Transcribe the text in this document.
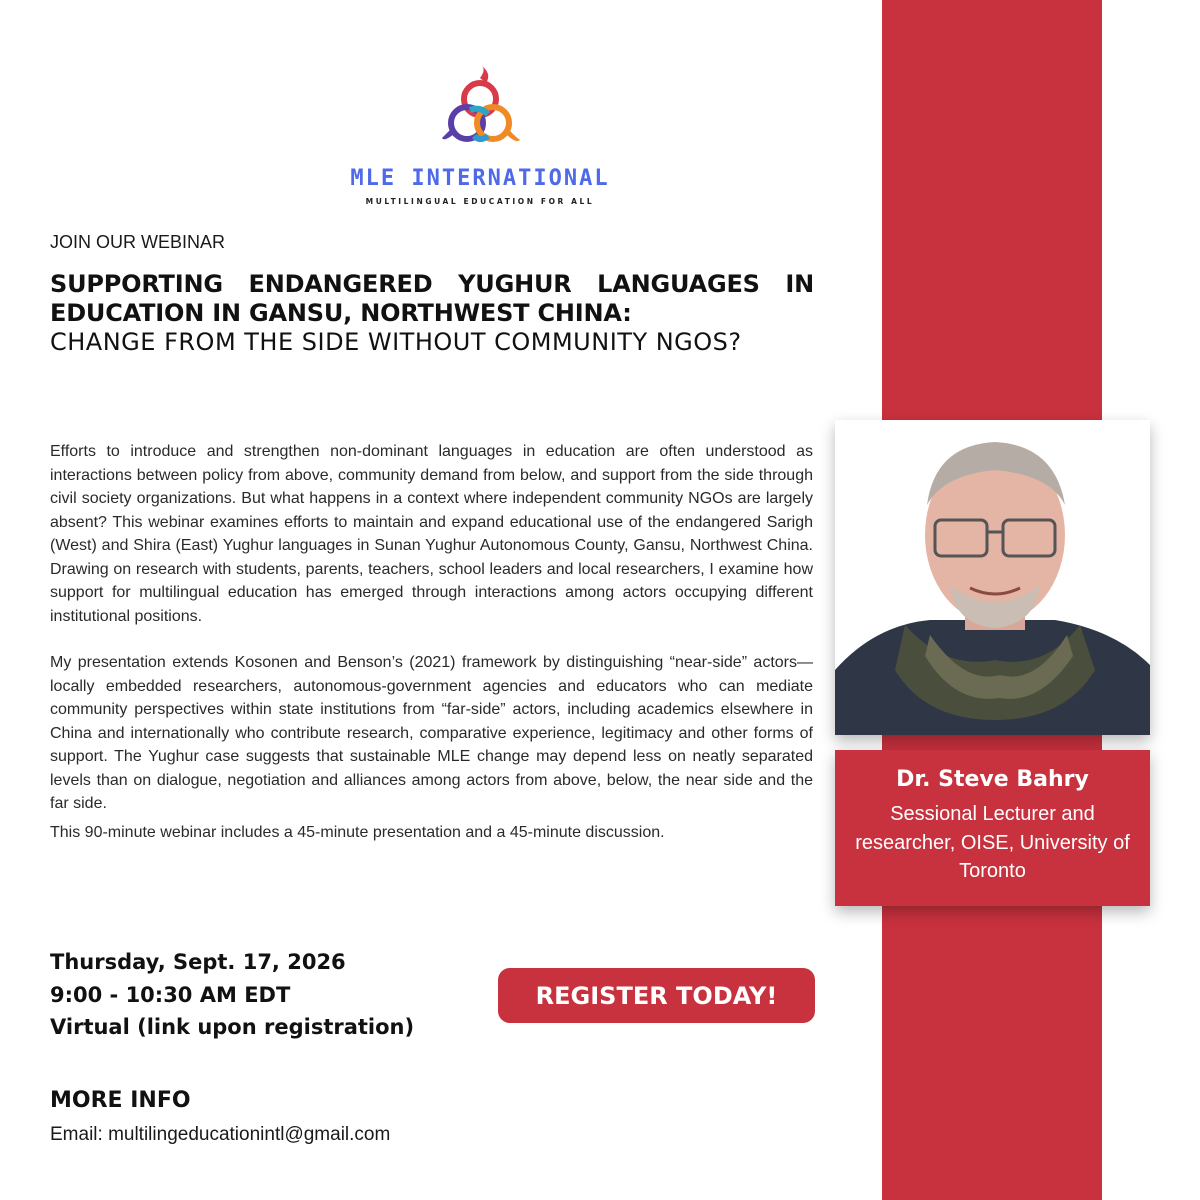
MLE INTERNATIONAL
MULTILINGUAL EDUCATION FOR ALL
JOIN OUR WEBINAR
SUPPORTING ENDANGERED YUGHUR LANGUAGES IN EDUCATION IN GANSU, NORTHWEST CHINA:
CHANGE FROM THE SIDE WITHOUT COMMUNITY NGOS?

Efforts to introduce and strengthen non-dominant languages in education are often understood as interactions between policy from above, community demand from below, and support from the side through civil society organizations. But what happens in a context where independent community NGOs are largely absent? This webinar examines efforts to maintain and expand educational use of the endangered Sarigh (West) and Shira (East) Yughur languages in Sunan Yughur Autonomous County, Gansu, Northwest China. Drawing on research with students, parents, teachers, school leaders and local researchers, I examine how support for multilingual education has emerged through interactions among actors occupying different institutional positions.

My presentation extends Kosonen and Benson’s (2021) framework by distinguishing “near-side” actors—locally embedded researchers, autonomous-government agencies and educators who can mediate community perspectives within state institutions from “far-side” actors, including academics elsewhere in China and internationally who contribute research, comparative experience, legitimacy and other forms of support. The Yughur case suggests that sustainable MLE change may depend less on neatly separated levels than on dialogue, negotiation and alliances among actors from above, below, the near side and the far side.

This 90-minute webinar includes a 45-minute presentation and a 45-minute discussion.

Thursday, Sept. 17, 2026
9:00 - 10:30 AM EDT
Virtual (link upon registration)
REGISTER TODAY!
MORE INFO
Email: multilingeducationintl@gmail.com
Dr. Steve Bahry
Sessional Lecturer and researcher, OISE, University of Toronto
